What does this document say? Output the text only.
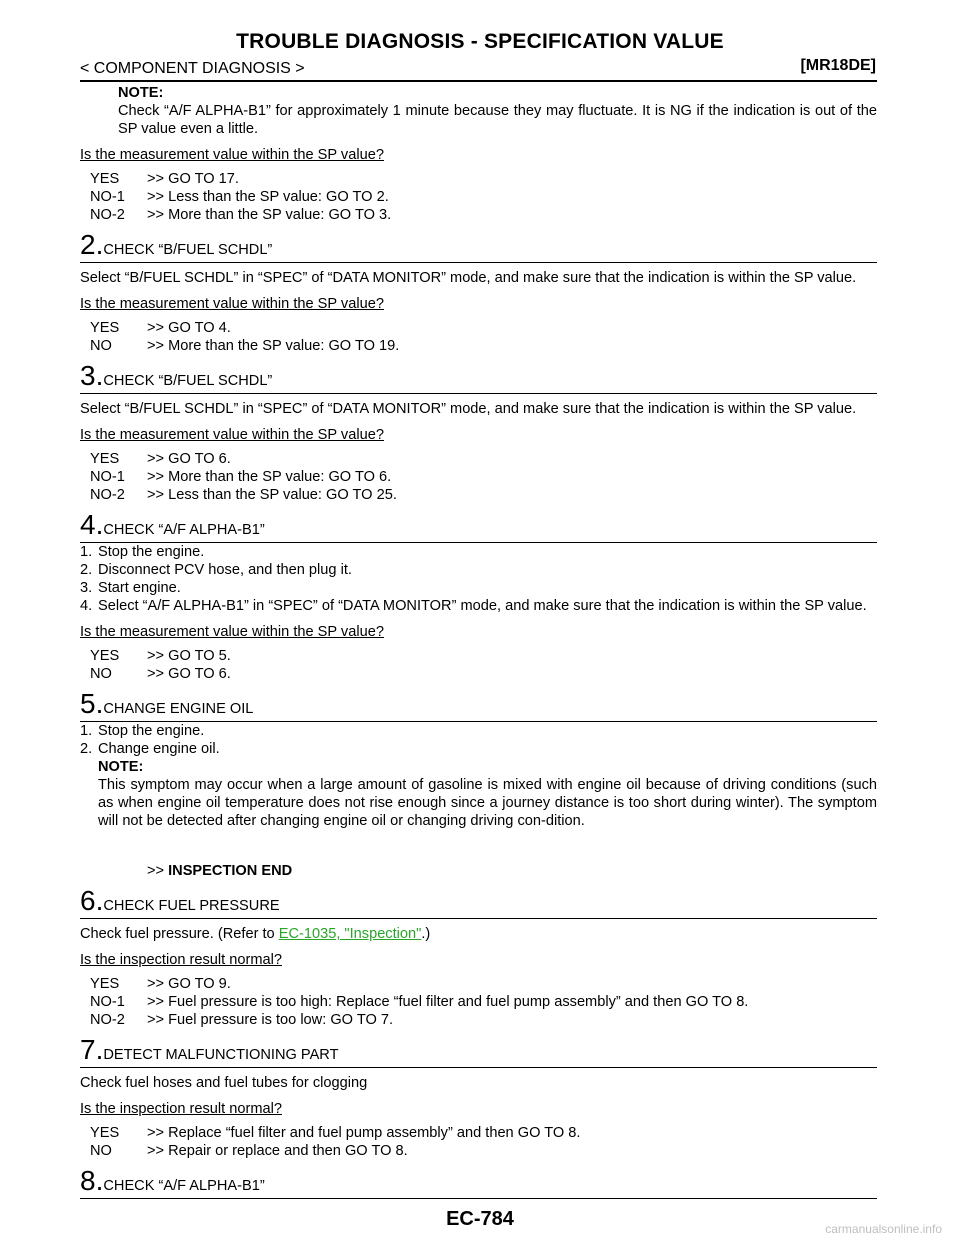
TROUBLE DIAGNOSIS - SPECIFICATION VALUE
< COMPONENT DIAGNOSIS >	[MR18DE]

NOTE:

Check “A/F ALPHA-B1” for approximately 1 minute because they may fluctuate. It is NG if the indication is out of the SP value even a little.

Is the measurement value within the SP value?

YES	>> GO TO 17.
NO-1	>> Less than the SP value: GO TO 2.
NO-2	>> More than the SP value: GO TO 3.
2. CHECK “B/FUEL SCHDL”

Select “B/FUEL SCHDL” in “SPEC” of “DATA MONITOR” mode, and make sure that the indication is within the SP value.

Is the measurement value within the SP value?

YES	>> GO TO 4.
NO	>> More than the SP value: GO TO 19.
3. CHECK “B/FUEL SCHDL”

Select “B/FUEL SCHDL” in “SPEC” of “DATA MONITOR” mode, and make sure that the indication is within the SP value.

Is the measurement value within the SP value?

YES	>> GO TO 6.
NO-1	>> More than the SP value: GO TO 6.
NO-2	>> Less than the SP value: GO TO 25.
4. CHECK “A/F ALPHA-B1”
1. Stop the engine.
2. Disconnect PCV hose, and then plug it.
3. Start engine.
4. Select “A/F ALPHA-B1” in “SPEC” of “DATA MONITOR” mode, and make sure that the indication is within the SP value.

Is the measurement value within the SP value?

YES	>> GO TO 5.
NO	>> GO TO 6.
5. CHANGE ENGINE OIL
1. Stop the engine.
2. Change engine oil.

NOTE:

This symptom may occur when a large amount of gasoline is mixed with engine oil because of driving conditions (such as when engine oil temperature does not rise enough since a journey distance is too short during winter). The symptom will not be detected after changing engine oil or changing driving con-dition.

>> INSPECTION END
6. CHECK FUEL PRESSURE

Check fuel pressure. (Refer to EC-1035, "Inspection".)

Is the inspection result normal?

YES	>> GO TO 9.
NO-1	>> Fuel pressure is too high: Replace “fuel filter and fuel pump assembly” and then GO TO 8.
NO-2	>> Fuel pressure is too low: GO TO 7.
7. DETECT MALFUNCTIONING PART

Check fuel hoses and fuel tubes for clogging

Is the inspection result normal?

YES	>> Replace “fuel filter and fuel pump assembly” and then GO TO 8.
NO	>> Repair or replace and then GO TO 8.
8. CHECK “A/F ALPHA-B1”
EC-784	carmanualsonline.info
